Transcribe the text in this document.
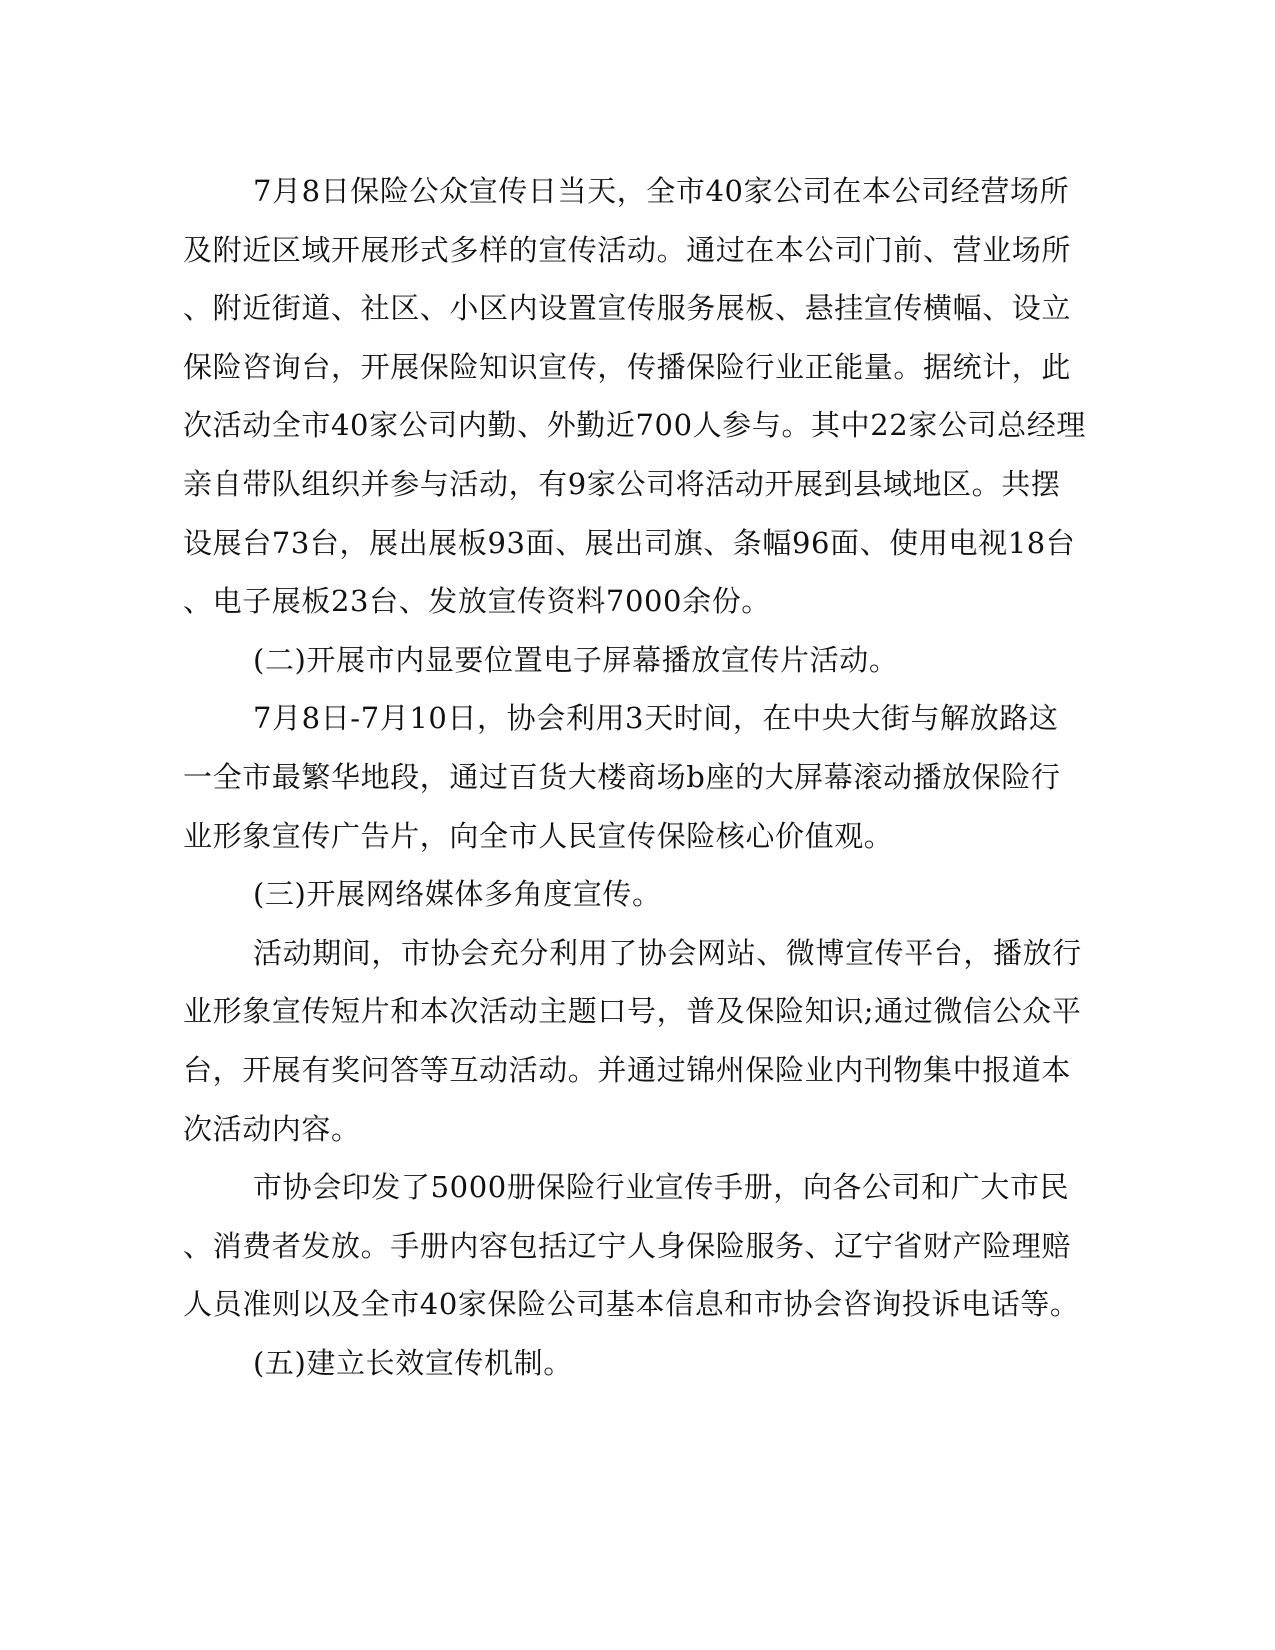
7月8日保险公众宣传日当天，全市40家公司在本公司经营场所
及附近区域开展形式多样的宣传活动。通过在本公司门前、营业场所
、附近街道、社区、小区内设置宣传服务展板、悬挂宣传横幅、设立
保险咨询台，开展保险知识宣传，传播保险行业正能量。据统计，此
次活动全市40家公司内勤、外勤近700人参与。其中22家公司总经理
亲自带队组织并参与活动，有9家公司将活动开展到县域地区。共摆
设展台73台，展出展板93面、展出司旗、条幅96面、使用电视18台
、电子展板23台、发放宣传资料7000余份。

(二)开展市内显要位置电子屏幕播放宣传片活动。

7月8日-7月10日，协会利用3天时间，在中央大街与解放路这
一全市最繁华地段，通过百货大楼商场b座的大屏幕滚动播放保险行
业形象宣传广告片，向全市人民宣传保险核心价值观。

(三)开展网络媒体多角度宣传。

活动期间，市协会充分利用了协会网站、微博宣传平台，播放行
业形象宣传短片和本次活动主题口号，普及保险知识;通过微信公众平
台，开展有奖问答等互动活动。并通过锦州保险业内刊物集中报道本
次活动内容。

市协会印发了5000册保险行业宣传手册，向各公司和广大市民
、消费者发放。手册内容包括辽宁人身保险服务、辽宁省财产险理赔
人员准则以及全市40家保险公司基本信息和市协会咨询投诉电话等。

(五)建立长效宣传机制。
